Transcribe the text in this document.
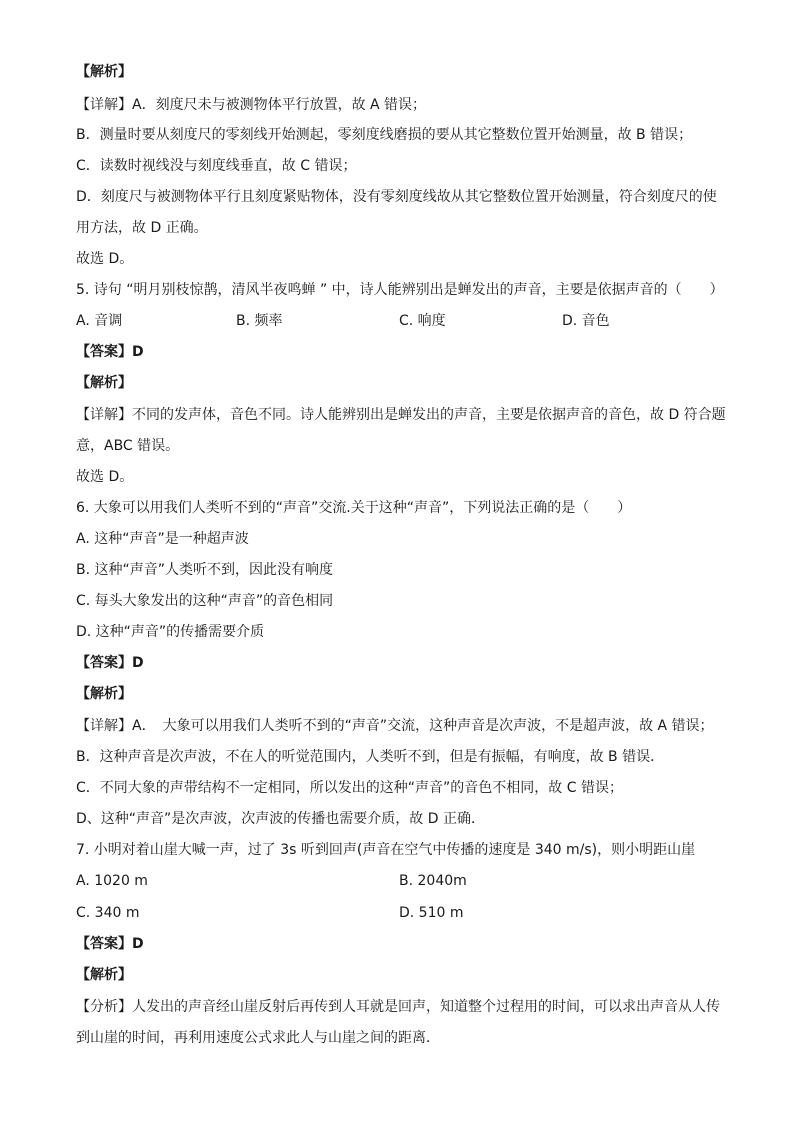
【解析】
【详解】A．刻度尺未与被测物体平行放置，故 A 错误；
B．测量时要从刻度尺的零刻线开始测起，零刻度线磨损的要从其它整数位置开始测量，故 B 错误；
C．读数时视线没与刻度线垂直，故 C 错误；
D．刻度尺与被测物体平行且刻度紧贴物体，没有零刻度线故从其它整数位置开始测量，符合刻度尺的使
用方法，故 D 正确。
故选 D。
5. 诗句 “明月别枝惊鹊，清风半夜鸣蝉 ” 中，诗人能辨别出是蝉发出的声音，主要是依据声音的（　　）
A. 音调	B. 频率	C. 响度	D. 音色
【答案】D
【解析】
【详解】不同的发声体，音色不同。诗人能辨别出是蝉发出的声音，主要是依据声音的音色，故 D 符合题
意，ABC 错误。
故选 D。
6. 大象可以用我们人类听不到的“声音”交流.关于这种“声音”，下列说法正确的是（　　）
A. 这种“声音”是一种超声波
B. 这种“声音”人类听不到，因此没有响度
C. 每头大象发出的这种“声音”的音色相同
D. 这种“声音”的传播需要介质
【答案】D
【解析】
【详解】A．　大象可以用我们人类听不到的“声音”交流，这种声音是次声波，不是超声波，故 A 错误；
B．这种声音是次声波，不在人的听觉范围内，人类听不到，但是有振幅，有响度，故 B 错误．
C．不同大象的声带结构不一定相同，所以发出的这种“声音”的音色不相同，故 C 错误；
D、这种“声音”是次声波，次声波的传播也需要介质，故 D 正确．
7. 小明对着山崖大喊一声，过了 3s 听到回声(声音在空气中传播的速度是 340 m/s)，则小明距山崖
A. 1020 m	B. 2040m
C. 340 m	D. 510 m
【答案】D
【解析】
【分析】人发出的声音经山崖反射后再传到人耳就是回声，知道整个过程用的时间，可以求出声音从人传
到山崖的时间，再利用速度公式求此人与山崖之间的距离．
